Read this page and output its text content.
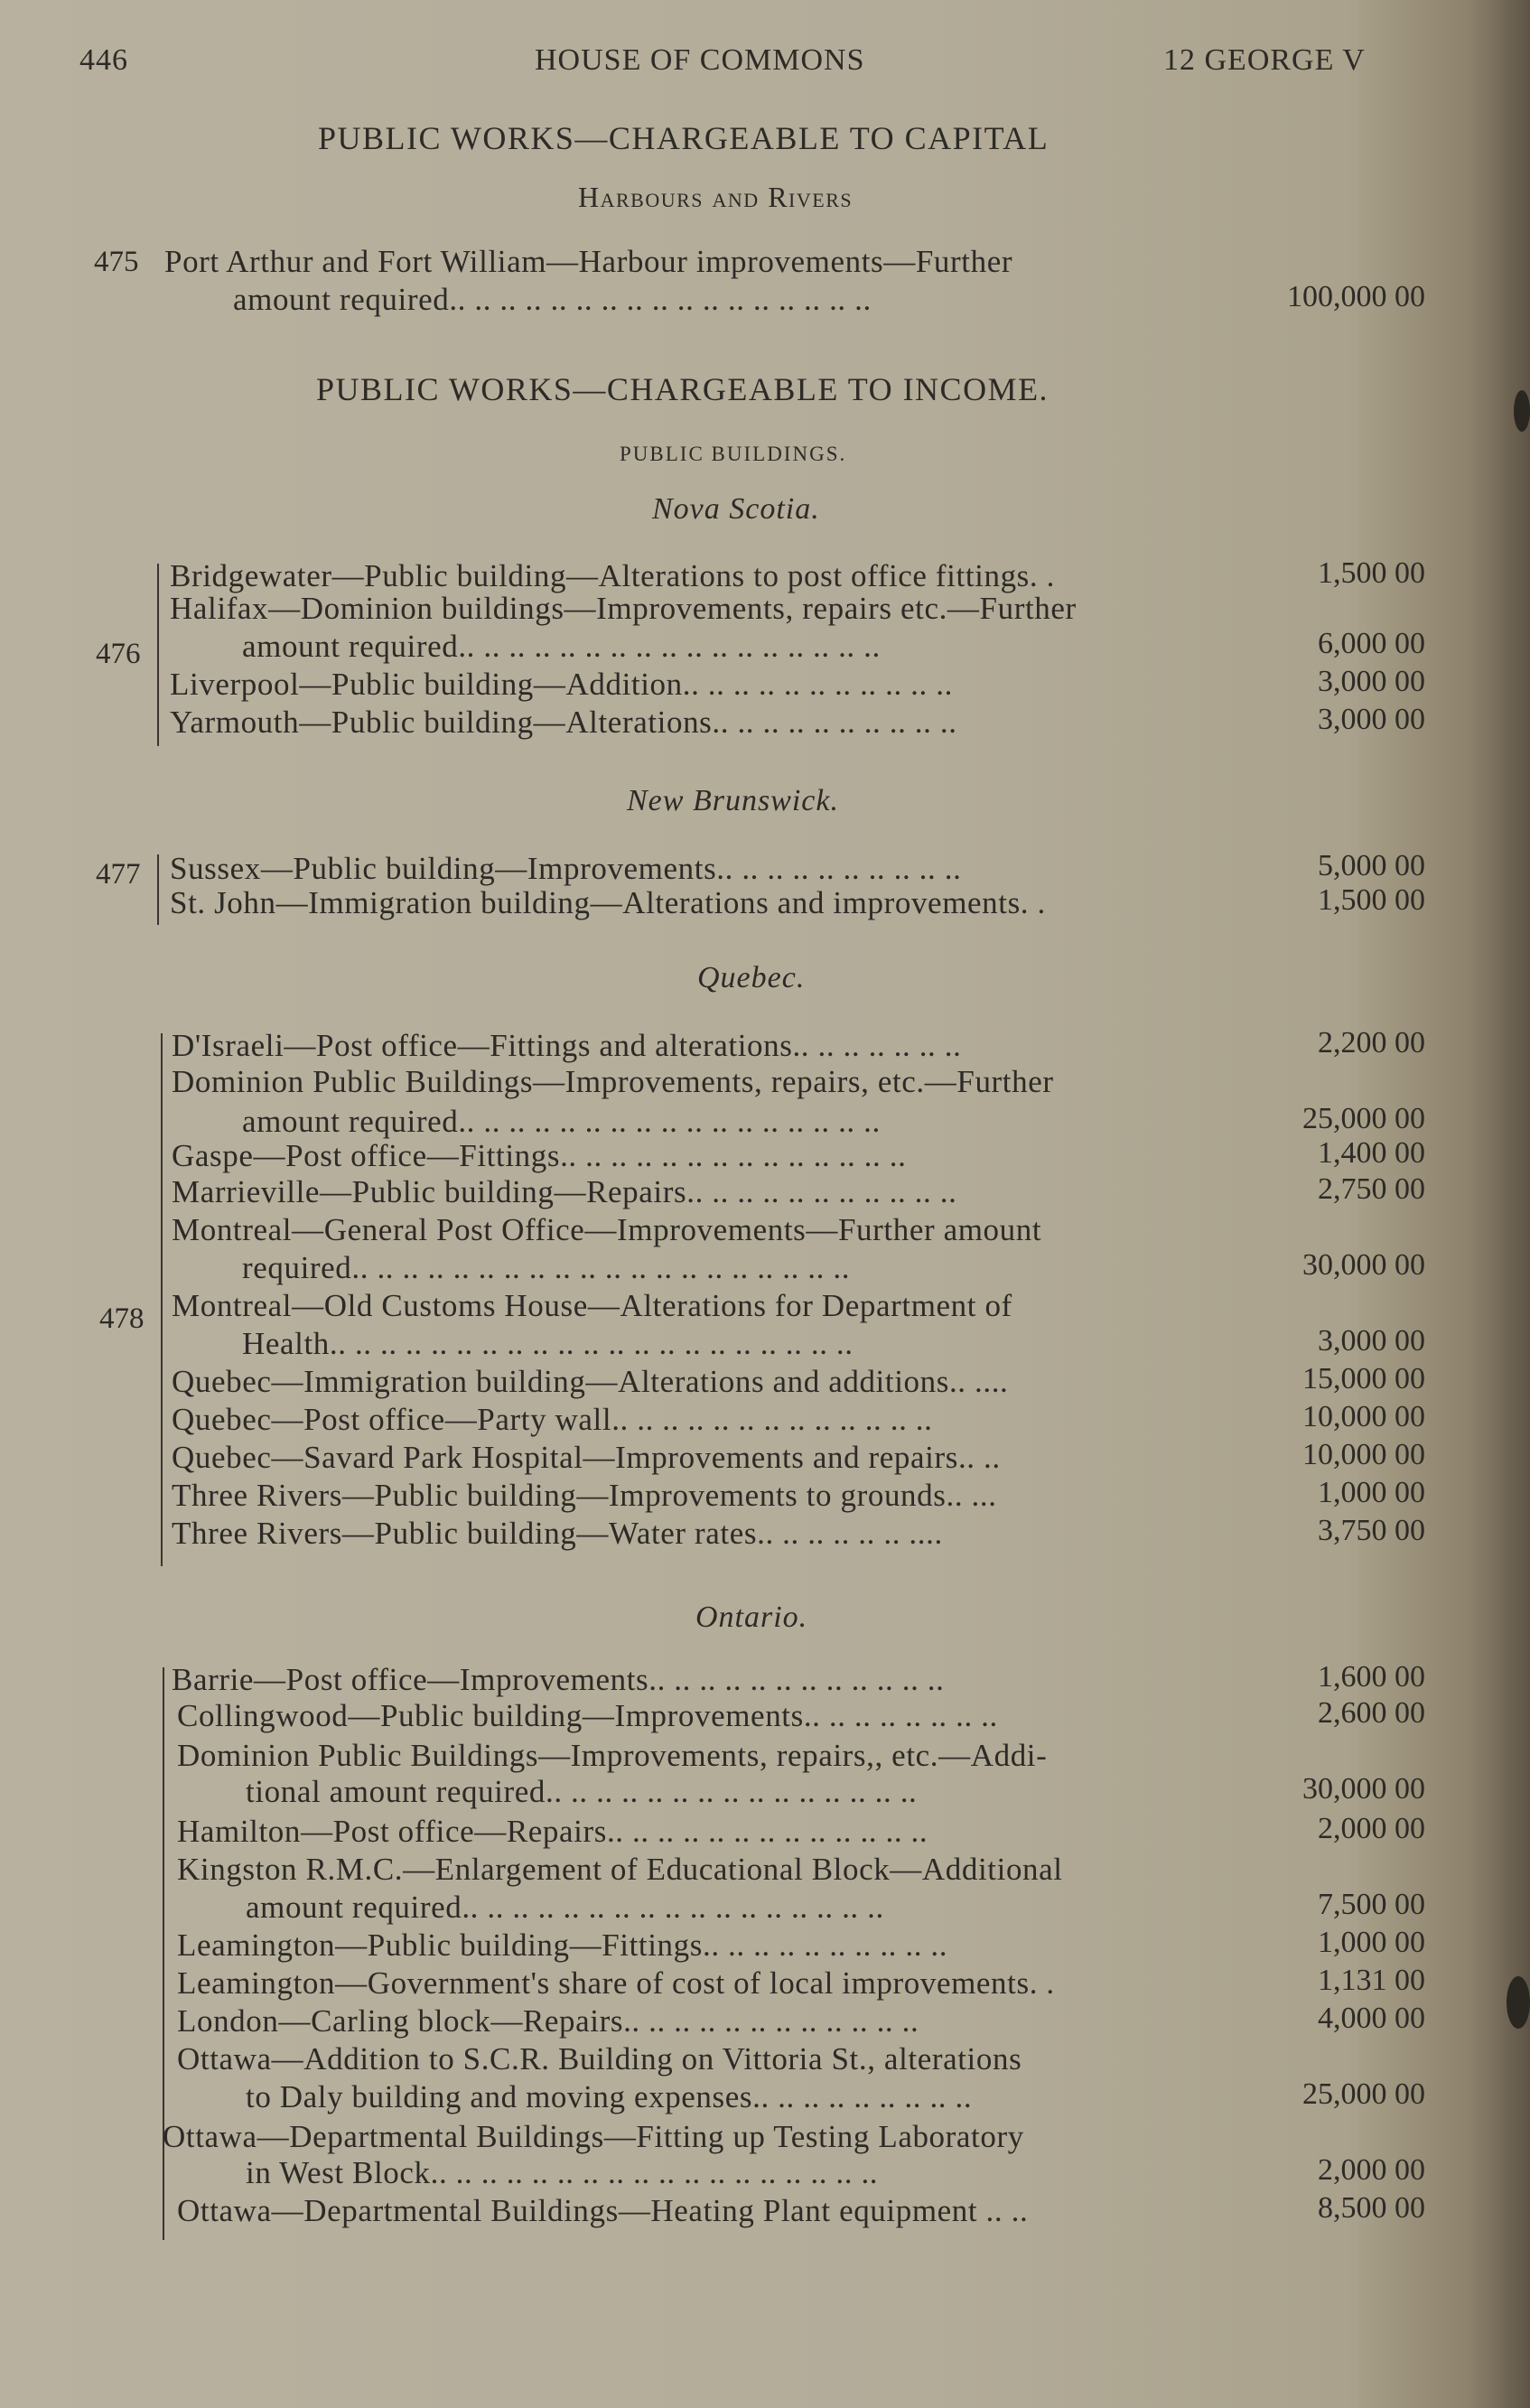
446	HOUSE OF COMMONS	12 GEORGE V
PUBLIC WORKS—CHARGEABLE TO CAPITAL
Harbours and Rivers
475 Port Arthur and Fort William—Harbour improvements—Further
amount required.. .. .. .. .. .. .. .. .. .. .. .. .. .. .. .. ..	100,000 00
PUBLIC WORKS—CHARGEABLE TO INCOME.
PUBLIC BUILDINGS.
Nova Scotia.
476
Bridgewater—Public building—Alterations to post office fittings. .	1,500 00
Halifax—Dominion buildings—Improvements, repairs etc.—Further
amount required.. .. .. .. .. .. .. .. .. .. .. .. .. .. .. .. ..	6,000 00
Liverpool—Public building—Addition.. .. .. .. .. .. .. .. .. .. ..	3,000 00
Yarmouth—Public building—Alterations.. .. .. .. .. .. .. .. .. ..	3,000 00
New Brunswick.
477 Sussex—Public building—Improvements.. .. .. .. .. .. .. .. .. ..	5,000 00
St. John—Immigration building—Alterations and improvements. .	1,500 00
Quebec.
478
D'Israeli—Post office—Fittings and alterations.. .. .. .. .. .. ..	2,200 00
Dominion Public Buildings—Improvements, repairs, etc.—Further
amount required.. .. .. .. .. .. .. .. .. .. .. .. .. .. .. .. ..	25,000 00
Gaspe—Post office—Fittings.. .. .. .. .. .. .. .. .. .. .. .. .. ..	1,400 00
Marrieville—Public building—Repairs.. .. .. .. .. .. .. .. .. .. ..	2,750 00
Montreal—General Post Office—Improvements—Further amount
required.. .. .. .. .. .. .. .. .. .. .. .. .. .. .. .. .. .. .. ..	30,000 00
Montreal—Old Customs House—Alterations for Department of
Health.. .. .. .. .. .. .. .. .. .. .. .. .. .. .. .. .. .. .. .. ..	3,000 00
Quebec—Immigration building—Alterations and additions.. ....	15,000 00
Quebec—Post office—Party wall.. .. .. .. .. .. .. .. .. .. .. .. ..	10,000 00
Quebec—Savard Park Hospital—Improvements and repairs.. ..	10,000 00
Three Rivers—Public building—Improvements to grounds.. ...	1,000 00
Three Rivers—Public building—Water rates.. .. .. .. .. .. ....	3,750 00
Ontario.
Barrie—Post office—Improvements.. .. .. .. .. .. .. .. .. .. .. ..	1,600 00
Collingwood—Public building—Improvements.. .. .. .. .. .. .. ..	2,600 00
Dominion Public Buildings—Improvements, repairs,, etc.—Addi-
tional amount required.. .. .. .. .. .. .. .. .. .. .. .. .. .. ..	30,000 00
Hamilton—Post office—Repairs.. .. .. .. .. .. .. .. .. .. .. .. ..	2,000 00
Kingston R.M.C.—Enlargement of Educational Block—Additional
amount required.. .. .. .. .. .. .. .. .. .. .. .. .. .. .. .. ..	7,500 00
Leamington—Public building—Fittings.. .. .. .. .. .. .. .. .. ..	1,000 00
Leamington—Government's share of cost of local improvements. .	1,131 00
London—Carling block—Repairs.. .. .. .. .. .. .. .. .. .. .. ..	4,000 00
Ottawa—Addition to S.C.R. Building on Vittoria St., alterations
to Daly building and moving expenses.. .. .. .. .. .. .. .. ..	25,000 00
Ottawa—Departmental Buildings—Fitting up Testing Laboratory
in West Block.. .. .. .. .. .. .. .. .. .. .. .. .. .. .. .. .. ..	2,000 00
Ottawa—Departmental Buildings—Heating Plant equipment .. ..	8,500 00
